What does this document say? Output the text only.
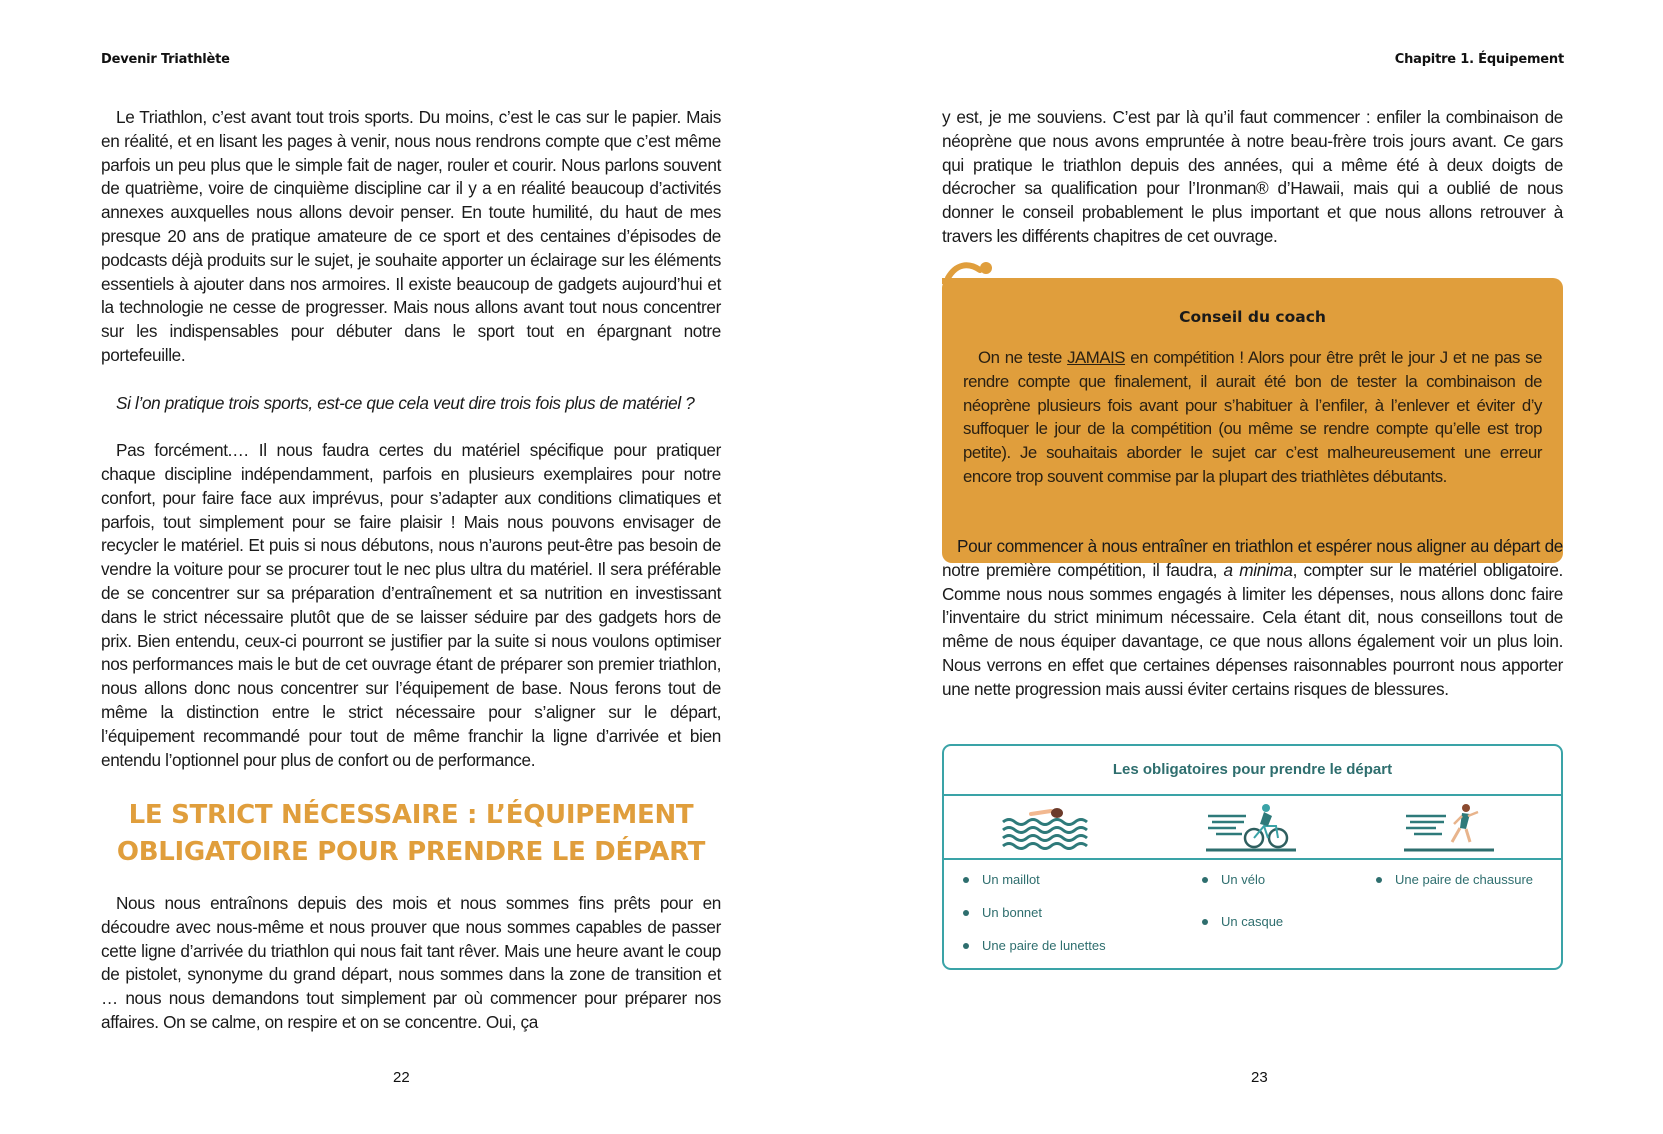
Devenir Triathlète

Le Triathlon, c’est avant tout trois sports. Du moins, c’est le cas sur le papier. Mais en réalité, et en lisant les pages à venir, nous nous rendrons compte que c’est même parfois un peu plus que le simple fait de nager, rouler et courir. Nous parlons souvent de quatrième, voire de cinquième discipline car il y a en réalité beaucoup d’activités annexes auxquelles nous allons devoir penser. En toute humilité, du haut de mes presque 20 ans de pratique amateure de ce sport et des centaines d’épisodes de podcasts déjà produits sur le sujet, je souhaite apporter un éclairage sur les éléments essentiels à ajouter dans nos armoires. Il existe beaucoup de gadgets aujourd’hui et la technologie ne cesse de progresser. Mais nous allons avant tout nous concentrer sur les indispensables pour débuter dans le sport tout en épargnant notre portefeuille.

Si l’on pratique trois sports, est-ce que cela veut dire trois fois plus de matériel ?

Pas forcément.… Il nous faudra certes du matériel spécifique pour pratiquer chaque discipline indépendamment, parfois en plusieurs exemplaires pour notre confort, pour faire face aux imprévus, pour s’adapter aux conditions climatiques et parfois, tout simplement pour se faire plaisir ! Mais nous pouvons envisager de recycler le matériel. Et puis si nous débutons, nous n’aurons peut-être pas besoin de vendre la voiture pour se procurer tout le nec plus ultra du matériel. Il sera préférable de se concentrer sur sa préparation d’entraînement et sa nutrition en investissant dans le strict nécessaire plutôt que de se laisser séduire par des gadgets hors de prix. Bien entendu, ceux-ci pourront se justifier par la suite si nous voulons optimiser nos performances mais le but de cet ouvrage étant de préparer son premier triathlon, nous allons donc nous concentrer sur l’équipement de base. Nous ferons tout de même la distinction entre le strict nécessaire pour s’aligner sur le départ, l’équipement recommandé pour tout de même franchir la ligne d’arrivée et bien entendu l’optionnel pour plus de confort ou de performance.

LE STRICT NÉCESSAIRE : L’ÉQUIPEMENT
OBLIGATOIRE POUR PRENDRE LE DÉPART

Nous nous entraînons depuis des mois et nous sommes fins prêts pour en découdre avec nous-même et nous prouver que nous sommes capables de passer cette ligne d’arrivée du triathlon qui nous fait tant rêver. Mais une heure avant le coup de pistolet, synonyme du grand départ, nous sommes dans la zone de transition et … nous nous demandons tout simplement par où commencer pour préparer nos affaires. On se calme, on respire et on se concentre. Oui, ça

22
Chapitre 1. Équipement

y est, je me souviens. C’est par là qu’il faut commencer : enfiler la combinaison de néoprène que nous avons empruntée à notre beau-frère trois jours avant. Ce gars qui pratique le triathlon depuis des années, qui a même été à deux doigts de décrocher sa qualification pour l’Ironman® d’Hawaii, mais qui a oublié de nous donner le conseil probablement le plus important et que nous allons retrouver à travers les différents chapitres de cet ouvrage.

Conseil du coach

On ne teste JAMAIS en compétition ! Alors pour être prêt le jour J et ne pas se rendre compte que finalement, il aurait été bon de tester la combinaison de néoprène plusieurs fois avant pour s’habituer à l’enfiler, à l’enlever et éviter d’y suffoquer le jour de la compétition (ou même se rendre compte qu’elle est trop petite). Je souhaitais aborder le sujet car c’est malheureusement une erreur encore trop souvent commise par la plupart des triathlètes débutants.

Pour commencer à nous entraîner en triathlon et espérer nous aligner au départ de notre première compétition, il faudra, a minima, compter sur le matériel obligatoire. Comme nous nous sommes engagés à limiter les dépenses, nous allons donc faire l’inventaire du strict minimum nécessaire. Cela étant dit, nous conseillons tout de même de nous équiper davantage, ce que nous allons également voir un plus loin. Nous verrons en effet que certaines dépenses raisonnables pourront nous apporter une nette progression mais aussi éviter certains risques de blessures.

Les obligatoires pour prendre le départ
Un maillot
Un bonnet
Une paire de lunettes
Un vélo
Un casque
Une paire de chaussure
23
